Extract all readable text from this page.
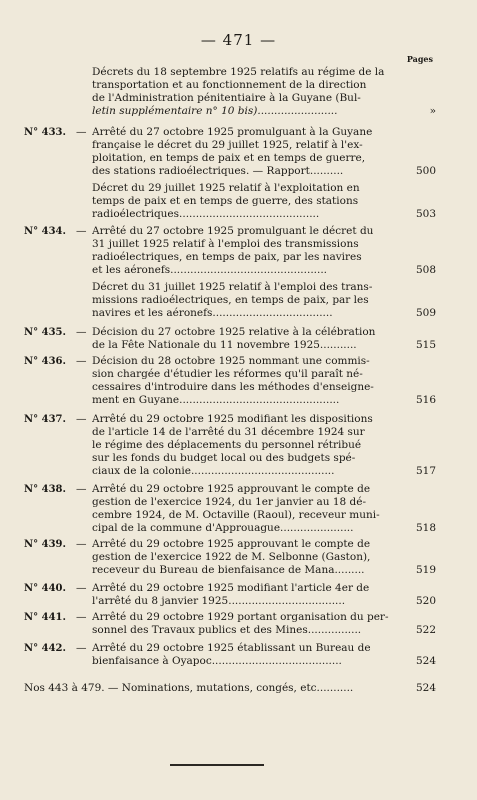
— 471 —
Pages
Décrets du 18 septembre 1925 relatifs au régime de la
transportation et au fonctionnement de la direction
de l'Administration pénitentiaire à la Guyane (Bul-
letin supplémentaire n° 10 bis)........................	»
N° 433. — Arrêté du 27 octobre 1925 promulguant à la Guyane
française le décret du 29 juillet 1925, relatif à l'ex-
ploitation, en temps de paix et en temps de guerre,
des stations radioélectriques. — Rapport..........	500
Décret du 29 juillet 1925 relatif à l'exploitation en
temps de paix et en temps de guerre, des stations
radioélectriques..........................................	503
N° 434. — Arrêté du 27 octobre 1925 promulguant le décret du
31 juillet 1925 relatif à l'emploi des transmissions
radioélectriques, en temps de paix, par les navires
et les aéronefs...............................................	508
Décret du 31 juillet 1925 relatif à l'emploi des trans-
missions radioélectriques, en temps de paix, par les
navires et les aéronefs....................................	509
N° 435. — Décision du 27 octobre 1925 relative à la célébration
de la Fête Nationale du 11 novembre 1925...........	515
N° 436. — Décision du 28 octobre 1925 nommant une commis-
sion chargée d'étudier les réformes qu'il paraît né-
cessaires d'introduire dans les méthodes d'enseigne-
ment en Guyane................................................	516
N° 437. — Arrêté du 29 octobre 1925 modifiant les dispositions
de l'article 14 de l'arrêté du 31 décembre 1924 sur
le régime des déplacements du personnel rétribué
sur les fonds du budget local ou des budgets spé-
ciaux de la colonie...........................................	517
N° 438. — Arrêté du 29 octobre 1925 approuvant le compte de
gestion de l'exercice 1924, du 1er janvier au 18 dé-
cembre 1924, de M. Octaville (Raoul), receveur muni-
cipal de la commune d'Approuague......................	518
N° 439. — Arrêté du 29 octobre 1925 approuvant le compte de
gestion de l'exercice 1922 de M. Selbonne (Gaston),
receveur du Bureau de bienfaisance de Mana.........	519
N° 440. — Arrêté du 29 octobre 1925 modifiant l'article 4er de
l'arrêté du 8 janvier 1925...................................	520
N° 441. — Arrêté du 29 octobre 1929 portant organisation du per-
sonnel des Travaux publics et des Mines................	522
N° 442. — Arrêté du 29 octobre 1925 établissant un Bureau de
bienfaisance à Oyapoc.......................................	524
Nos 443 à 479. — Nominations, mutations, congés, etc...........	524
